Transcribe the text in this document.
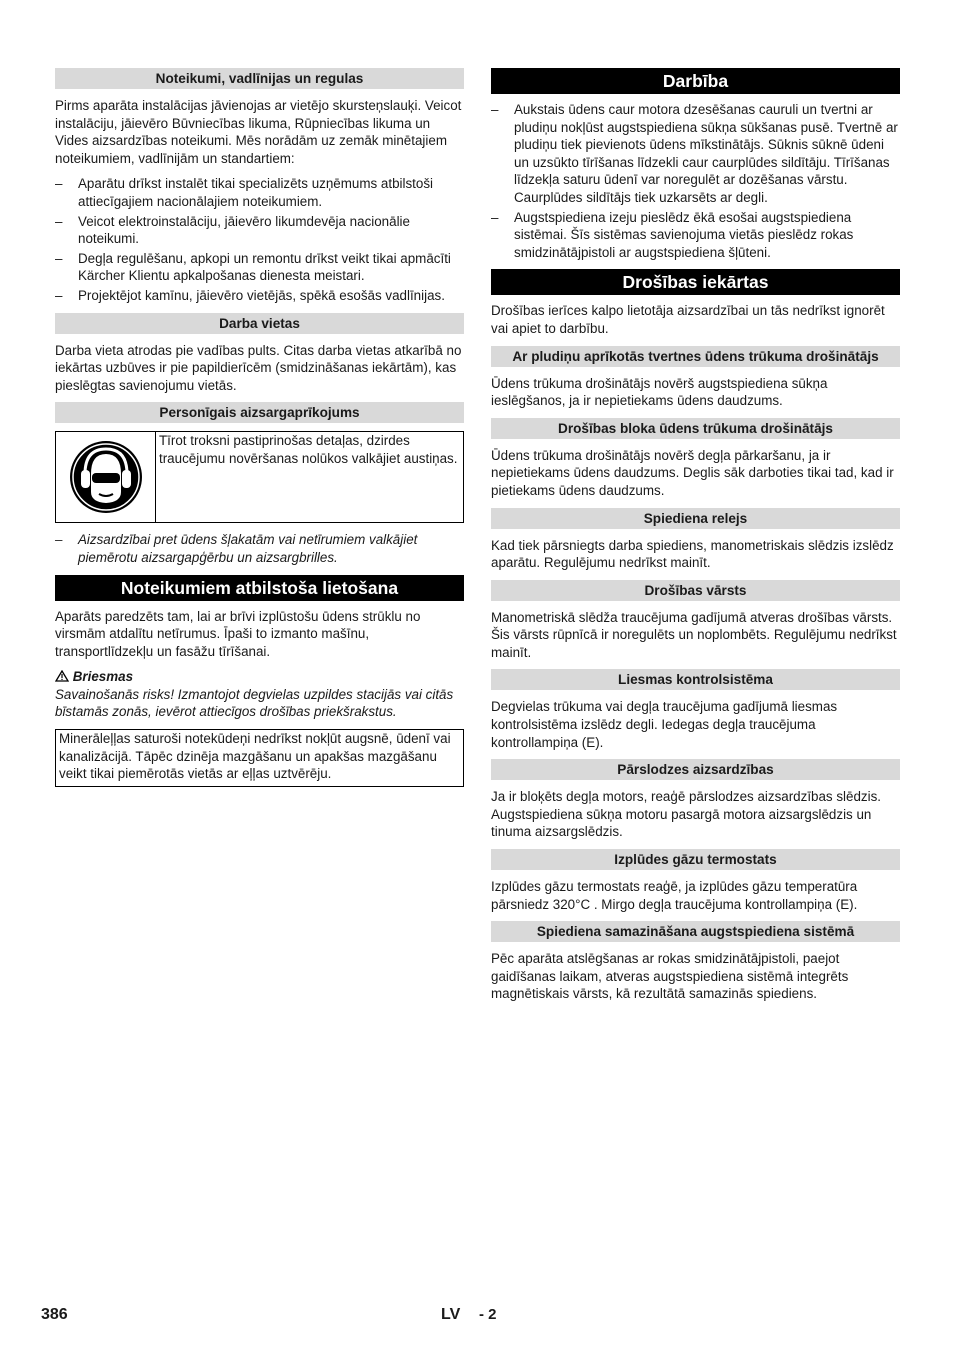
Noteikumi, vadlīnijas un regulas

Pirms aparāta instalācijas jāvienojas ar vietējo skursteņslauķi. Veicot instalāciju, jāievēro Būvniecības likuma, Rūpniecības likuma un Vides aizsardzības noteikumi. Mēs norādām uz zemāk minētajiem noteikumiem, vadlīnijām un standartiem:

– Aparātu drīkst instalēt tikai specializēts uzņēmums atbilstoši attiecīgajiem nacionālajiem noteikumiem.
– Veicot elektroinstalāciju, jāievēro likumdevēja nacionālie noteikumi.
– Degļa regulēšanu, apkopi un remontu drīkst veikt tikai apmācīti Kärcher Klientu apkalpošanas dienesta meistari.
– Projektējot kamīnu, jāievēro vietējās, spēkā esošās vadlīnijas.
Darba vietas

Darba vieta atrodas pie vadības pults. Citas darba vietas atkarībā no iekārtas uzbūves ir pie papildierīcēm (smidzināšanas iekārtām), kas pieslēgtas savienojumu vietās.

Personīgais aizsargaprīkojums
Tīrot troksni pastiprinošas detaļas, dzirdes traucējumu novēršanas nolūkos valkājiet austiņas.
– Aizsardzībai pret ūdens šļakatām vai netīrumiem valkājiet piemērotu aizsargapģērbu un aizsargbrilles.
Noteikumiem atbilstoša lietošana

Aparāts paredzēts tam, lai ar brīvi izplūstošu ūdens strūklu no virsmām atdalītu netīrumus. Īpaši to izmanto mašīnu, transportlīdzekļu un fasāžu tīrīšanai.

Briesmas

Savainošanās risks! Izmantojot degvielas uzpildes stacijās vai citās bīstamās zonās, ievērot attiecīgos drošības priekšrakstus.

Minerāleļļas saturoši notekūdeņi nedrīkst nokļūt augsnē, ūdenī vai kanalizācijā. Tāpēc dzinēja mazgāšanu un apakšas mazgāšanu veikt tikai piemērotās vietās ar eļļas uztvērēju.
Darbība
– Aukstais ūdens caur motora dzesēšanas cauruli un tvertni ar pludiņu nokļūst augstspiediena sūkņa sūkšanas pusē. Tvertnē ar pludiņu tiek pievienots ūdens mīkstinātājs. Sūknis sūknē ūdeni un uzsūkto tīrīšanas līdzekli caur caurplūdes sildītāju. Tīrīšanas līdzekļa saturu ūdenī var noregulēt ar dozēšanas vārstu. Caurplūdes sildītājs tiek uzkarsēts ar degli.
– Augstspiediena izeju pieslēdz ēkā esošai augstspiediena sistēmai. Šīs sistēmas savienojuma vietās pieslēdz rokas smidzinātājpistoli ar augstspiediena šļūteni.
Drošības iekārtas

Drošības ierīces kalpo lietotāja aizsardzībai un tās nedrīkst ignorēt vai apiet to darbību.

Ar pludiņu aprīkotās tvertnes ūdens trūkuma drošinātājs

Ūdens trūkuma drošinātājs novērš augstspiediena sūkņa ieslēgšanos, ja ir nepietiekams ūdens daudzums.

Drošības bloka ūdens trūkuma drošinātājs

Ūdens trūkuma drošinātājs novērš degļa pārkaršanu, ja ir nepietiekams ūdens daudzums. Deglis sāk darboties tikai tad, kad ir pietiekams ūdens daudzums.

Spiediena relejs

Kad tiek pārsniegts darba spiediens, manometriskais slēdzis izslēdz aparātu. Regulējumu nedrīkst mainīt.

Drošības vārsts

Manometriskā slēdža traucējuma gadījumā atveras drošības vārsts. Šis vārsts rūpnīcā ir noregulēts un noplombēts. Regulējumu nedrīkst mainīt.

Liesmas kontrolsistēma

Degvielas trūkuma vai degļa traucējuma gadījumā liesmas kontrolsistēma izslēdz degli. Iedegas degļa traucējuma kontrollampiņa (E).

Pārslodzes aizsardzības

Ja ir bloķēts degļa motors, reaģē pārslodzes aizsardzības slēdzis. Augstspiediena sūkņa motoru pasargā motora aizsargslēdzis un tinuma aizsargslēdzis.

Izplūdes gāzu termostats

Izplūdes gāzu termostats reaģē, ja izplūdes gāzu temperatūra pārsniedz 320°C . Mirgo degļa traucējuma kontrollampiņa (E).

Spiediena samazināšana augstspiediena sistēmā

Pēc aparāta atslēgšanas ar rokas smidzinātājpistoli, paejot gaidīšanas laikam, atveras augstspiediena sistēmā integrēts magnētiskais vārsts, kā rezultātā samazinās spiediens.

386	LV - 2
